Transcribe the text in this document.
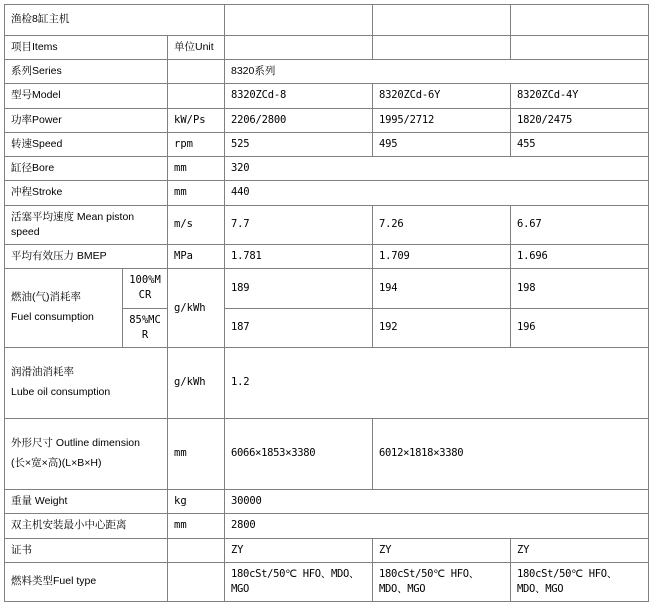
渔检8缸主机					
项目Items		单位Unit			
系列Series			8320系列		
型号Model			8320ZCd-8	8320ZCd-6Y	8320ZCd-4Y
功率Power		kW/Ps	2206/2800	1995/2712	1820/2475
转速Speed		rpm	525	495	455
缸径Bore		mm	320		
冲程Stroke		mm	440		
活塞平均速度 Mean piston speed		m/s	7.7	7.26	6.67
平均有效压力 BMEP		MPa	1.781	1.709	1.696

燃油(气)消耗率
Fuel consumption	100%MCR	g/kWh	189	194	198
	85%MCR		187	192	196

润滑油消耗率
Lube oil consumption		g/kWh	1.2		

外形尺寸 Outline dimension
(长×宽×高)(L×B×H)		mm	6066×1853×3380	6012×1818×3380	
重量 Weight		kg	30000		
双主机安装最小中心距离		mm	2800		
证书			ZY	ZY	ZY
燃料类型Fuel type			180cSt/50℃ HFO、MDO、MGO	180cSt/50℃ HFO、MDO、MGO	180cSt/50℃ HFO、MDO、MGO
